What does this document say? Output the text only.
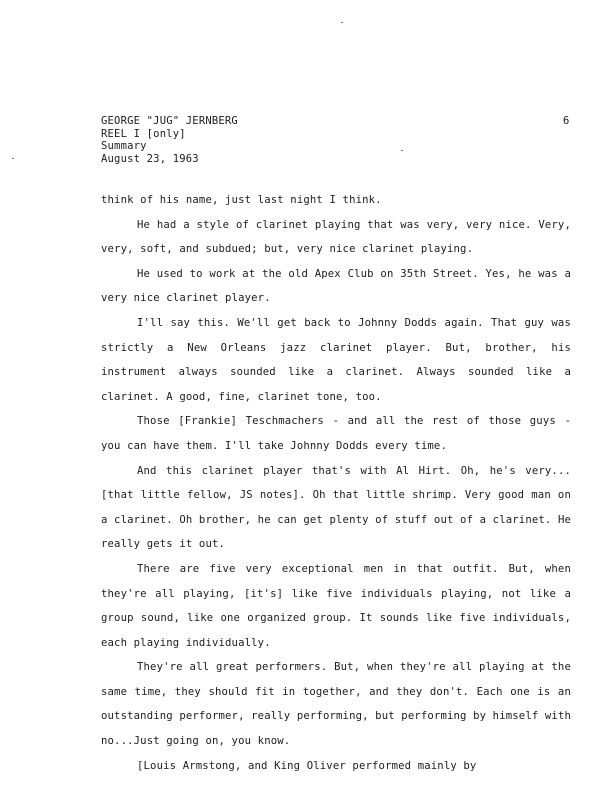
GEORGE "JUG" JERNBERG
REEL I [only]
Summary
August 23, 1963
6

think of his name, just last night I think.

He had a style of clarinet playing that was very, very nice. Very, very, soft, and subdued; but, very nice clarinet playing.

He used to work at the old Apex Club on 35th Street. Yes, he was a very nice clarinet player.

I'll say this. We'll get back to Johnny Dodds again. That guy was strictly a New Orleans jazz clarinet player. But, brother, his instrument always sounded like a clarinet. Always sounded like a clarinet. A good, fine, clarinet tone, too.

Those [Frankie] Teschmachers - and all the rest of those guys - you can have them. I'll take Johnny Dodds every time.

And this clarinet player that's with Al Hirt. Oh, he's very...[that little fellow, JS notes]. Oh that little shrimp. Very good man on a clarinet. Oh brother, he can get plenty of stuff out of a clarinet. He really gets it out.

There are five very exceptional men in that outfit. But, when they're all playing, [it's] like five individuals playing, not like a group sound, like one organized group. It sounds like five individuals, each playing individually.

They're all great performers. But, when they're all playing at the same time, they should fit in together, and they don't. Each one is an outstanding performer, really performing, but performing by himself with no...Just going on, you know.

[Louis Armstong, and King Oliver performed mainly by
